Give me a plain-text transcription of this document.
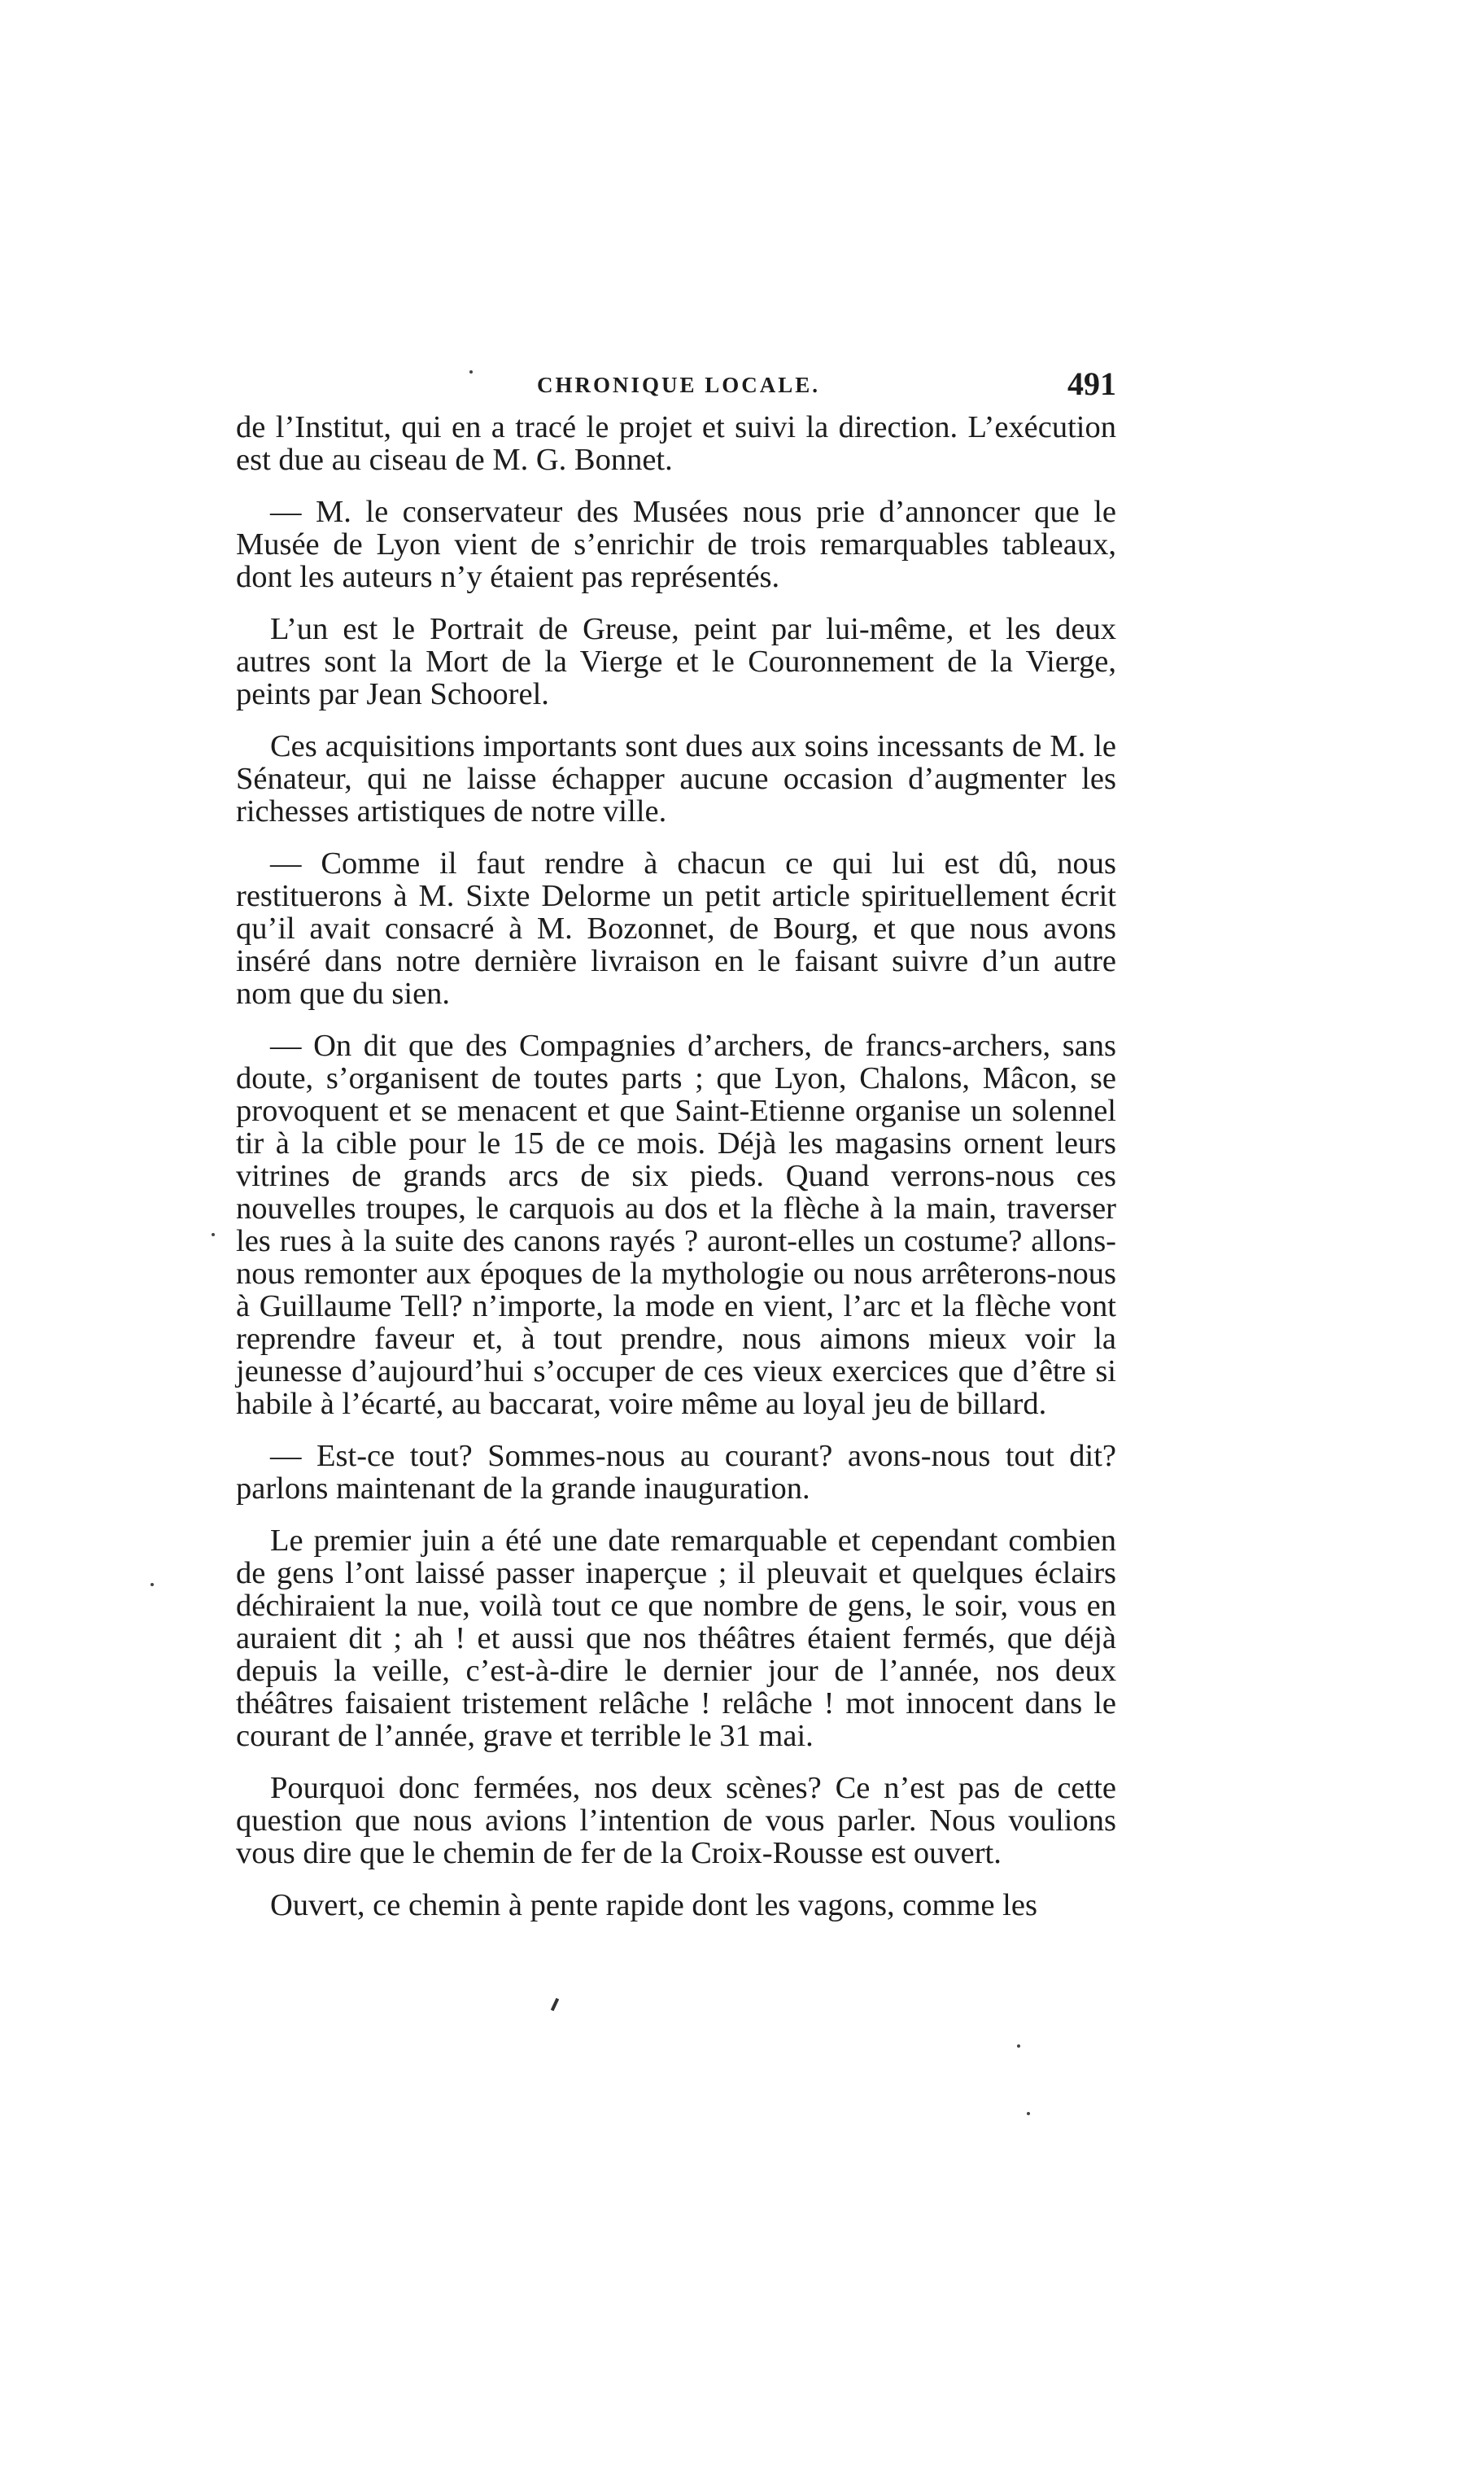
CHRONIQUE LOCALE.	491

de l’Institut, qui en a tracé le projet et suivi la direction. L’exécution est due au ciseau de M. G. Bonnet.

— M. le conservateur des Musées nous prie d’annoncer que le Musée de Lyon vient de s’enrichir de trois remarquables tableaux, dont les auteurs n’y étaient pas représentés.

L’un est le Portrait de Greuse, peint par lui-même, et les deux autres sont la Mort de la Vierge et le Couronnement de la Vierge, peints par Jean Schoorel.

Ces acquisitions importants sont dues aux soins incessants de M. le Sénateur, qui ne laisse échapper aucune occasion d’augmenter les richesses artistiques de notre ville.

— Comme il faut rendre à chacun ce qui lui est dû, nous restituerons à M. Sixte Delorme un petit article spirituellement écrit qu’il avait consacré à M. Bozonnet, de Bourg, et que nous avons inséré dans notre dernière livraison en le faisant suivre d’un autre nom que du sien.

— On dit que des Compagnies d’archers, de francs-archers, sans doute, s’organisent de toutes parts ; que Lyon, Chalons, Mâcon, se provoquent et se menacent et que Saint-Etienne organise un solennel tir à la cible pour le 15 de ce mois. Déjà les magasins ornent leurs vitrines de grands arcs de six pieds. Quand verrons-nous ces nouvelles troupes, le carquois au dos et la flèche à la main, traverser les rues à la suite des canons rayés ? auront-elles un costume? allons-nous remonter aux époques de la mythologie ou nous arrêterons-nous à Guillaume Tell? n’importe, la mode en vient, l’arc et la flèche vont reprendre faveur et, à tout prendre, nous aimons mieux voir la jeunesse d’aujourd’hui s’occuper de ces vieux exercices que d’être si habile à l’écarté, au baccarat, voire même au loyal jeu de billard.

— Est-ce tout? Sommes-nous au courant? avons-nous tout dit? parlons maintenant de la grande inauguration.

Le premier juin a été une date remarquable et cependant combien de gens l’ont laissé passer inaperçue ; il pleuvait et quelques éclairs déchiraient la nue, voilà tout ce que nombre de gens, le soir, vous en auraient dit ; ah ! et aussi que nos théâtres étaient fermés, que déjà depuis la veille, c’est-à-dire le dernier jour de l’année, nos deux théâtres faisaient tristement relâche ! relâche ! mot innocent dans le courant de l’année, grave et terrible le 31 mai.

Pourquoi donc fermées, nos deux scènes? Ce n’est pas de cette question que nous avions l’intention de vous parler. Nous voulions vous dire que le chemin de fer de la Croix-Rousse est ouvert.

Ouvert, ce chemin à pente rapide dont les vagons, comme les
